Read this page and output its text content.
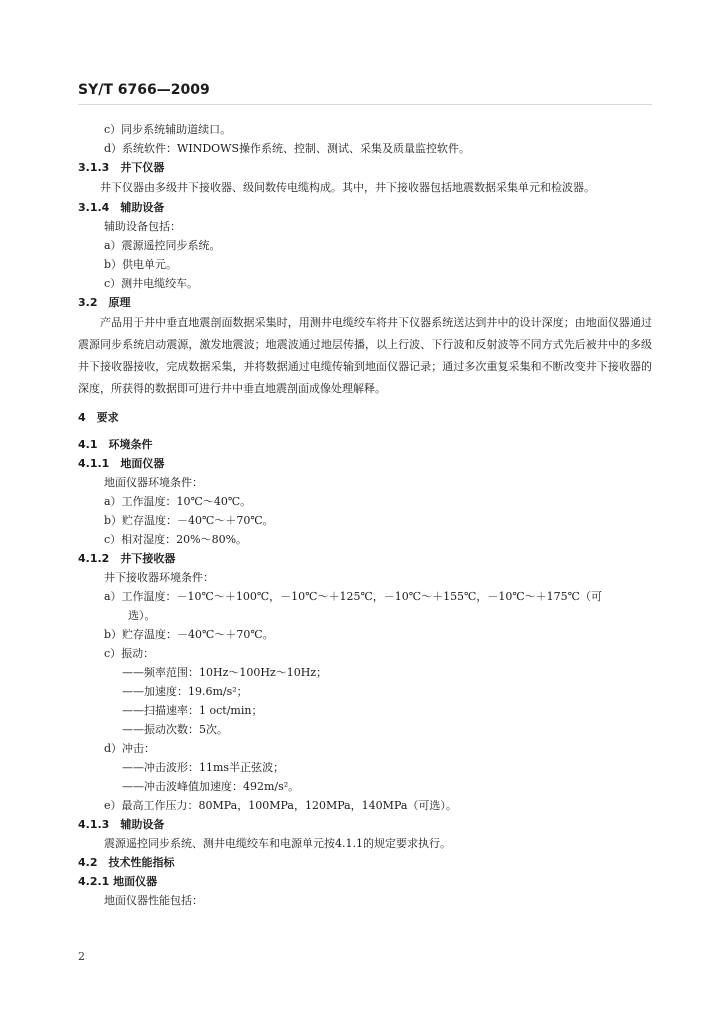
SY/T 6766—2009
c）同步系统辅助道续口。
d）系统软件：WINDOWS操作系统、控制、测试、采集及质量监控软件。
3.1.3　井下仪器

井下仪器由多级井下接收器、级间数传电缆构成。其中，井下接收器包括地震数据采集单元和检波器。

3.1.4　辅助设备
辅助设备包括：
a）震源遥控同步系统。
b）供电单元。
c）测井电缆绞车。
3.2　原理

产品用于井中垂直地震剖面数据采集时，用测井电缆绞车将井下仪器系统送达到井中的设计深度；由地面仪器通过震源同步系统启动震源，激发地震波；地震波通过地层传播，以上行波、下行波和反射波等不同方式先后被井中的多级井下接收器接收，完成数据采集，并将数据通过电缆传输到地面仪器记录；通过多次重复采集和不断改变井下接收器的深度，所获得的数据即可进行井中垂直地震剖面成像处理解释。

4　要求
4.1　环境条件
4.1.1　地面仪器
地面仪器环境条件：
a）工作温度：10℃～40℃。
b）贮存温度：－40℃～＋70℃。
c）相对湿度：20%～80%。
4.1.2　井下接收器
井下接收器环境条件：
a）工作温度：－10℃～＋100℃，－10℃～＋125℃，－10℃～＋155℃，－10℃～＋175℃（可
选）。
b）贮存温度：－40℃～＋70℃。
c）振动：
——频率范围：10Hz～100Hz～10Hz；
——加速度：19.6m/s²；
——扫描速率：1 oct/min；
——振动次数：5次。
d）冲击：
——冲击波形：11ms半正弦波；
——冲击波峰值加速度：492m/s²。
e）最高工作压力：80MPa，100MPa，120MPa，140MPa（可选）。
4.1.3　辅助设备
震源遥控同步系统、测井电缆绞车和电源单元按4.1.1的规定要求执行。
4.2　技术性能指标
4.2.1 地面仪器
地面仪器性能包括：
2
